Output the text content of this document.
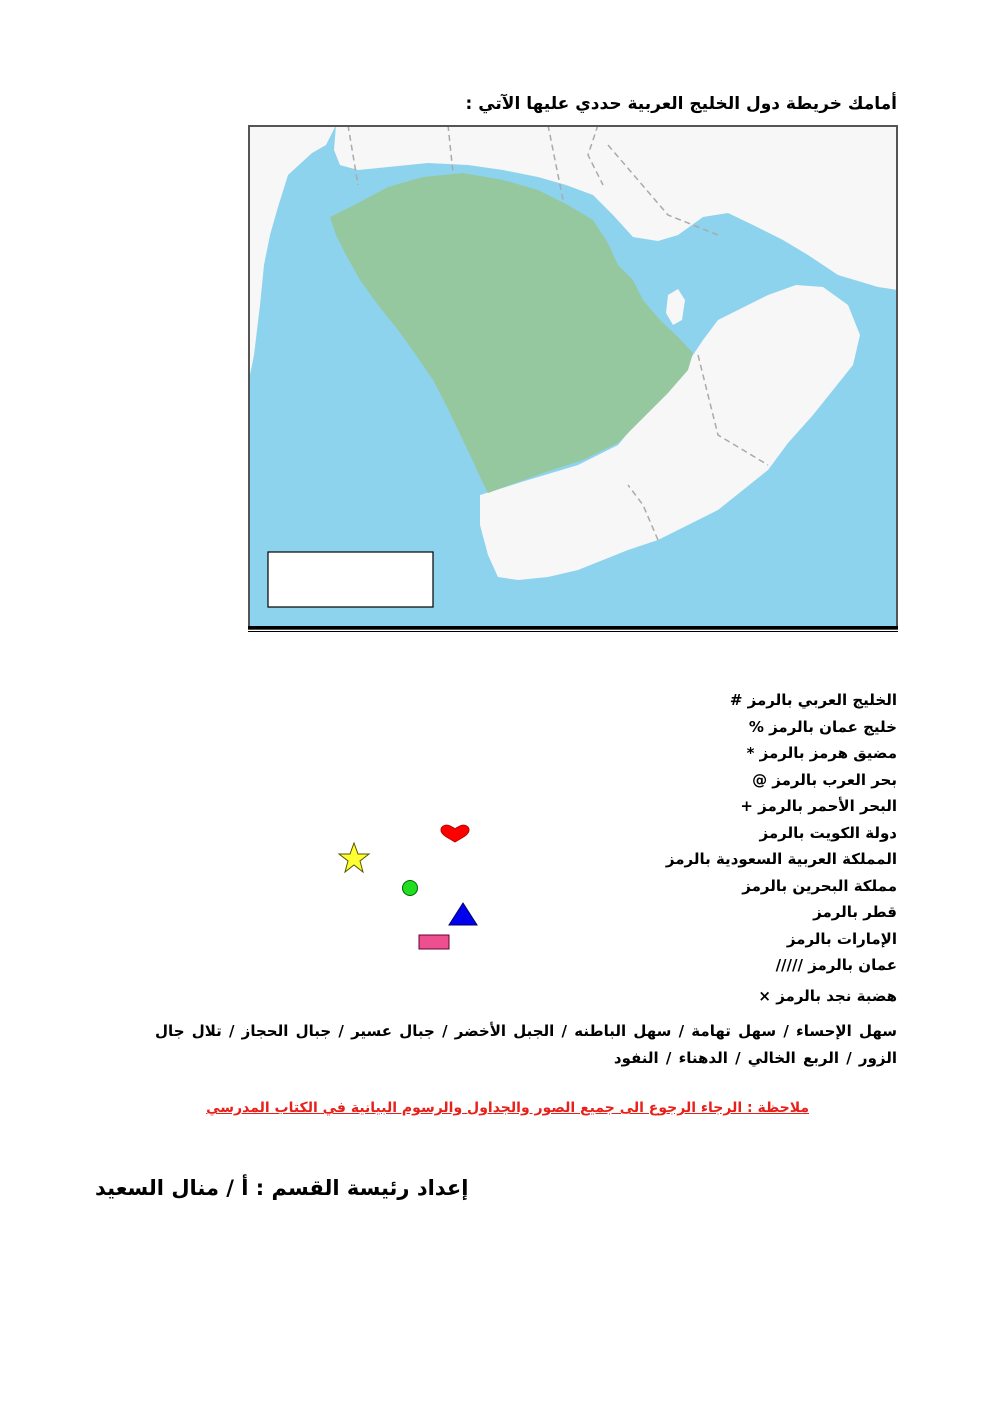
أمامك خريطة دول الخليج العربية حددي عليها الآتي :
الخليج العربي بالرمز #
خليج عمان بالرمز %
مضيق هرمز بالرمز *
بحر العرب بالرمز @
البحر الأحمر بالرمز +
دولة الكويت بالرمز
المملكة العربية السعودية بالرمز
مملكة البحرين بالرمز
قطر بالرمز
الإمارات بالرمز
عمان بالرمز /////
هضبة نجد بالرمز ×
سهل الإحساء / سهل تهامة / سهل الباطنه / الجبل الأخضر / جبال عسير / جبال الحجاز / تلال جال
الزور / الربع الخالي / الدهناء / النفود
ملاحظة : الرجاء الرجوع الى جميع الصور والجداول والرسوم البيانية في الكتاب المدرسي
إعداد رئيسة القسم : أ / منال السعيد
